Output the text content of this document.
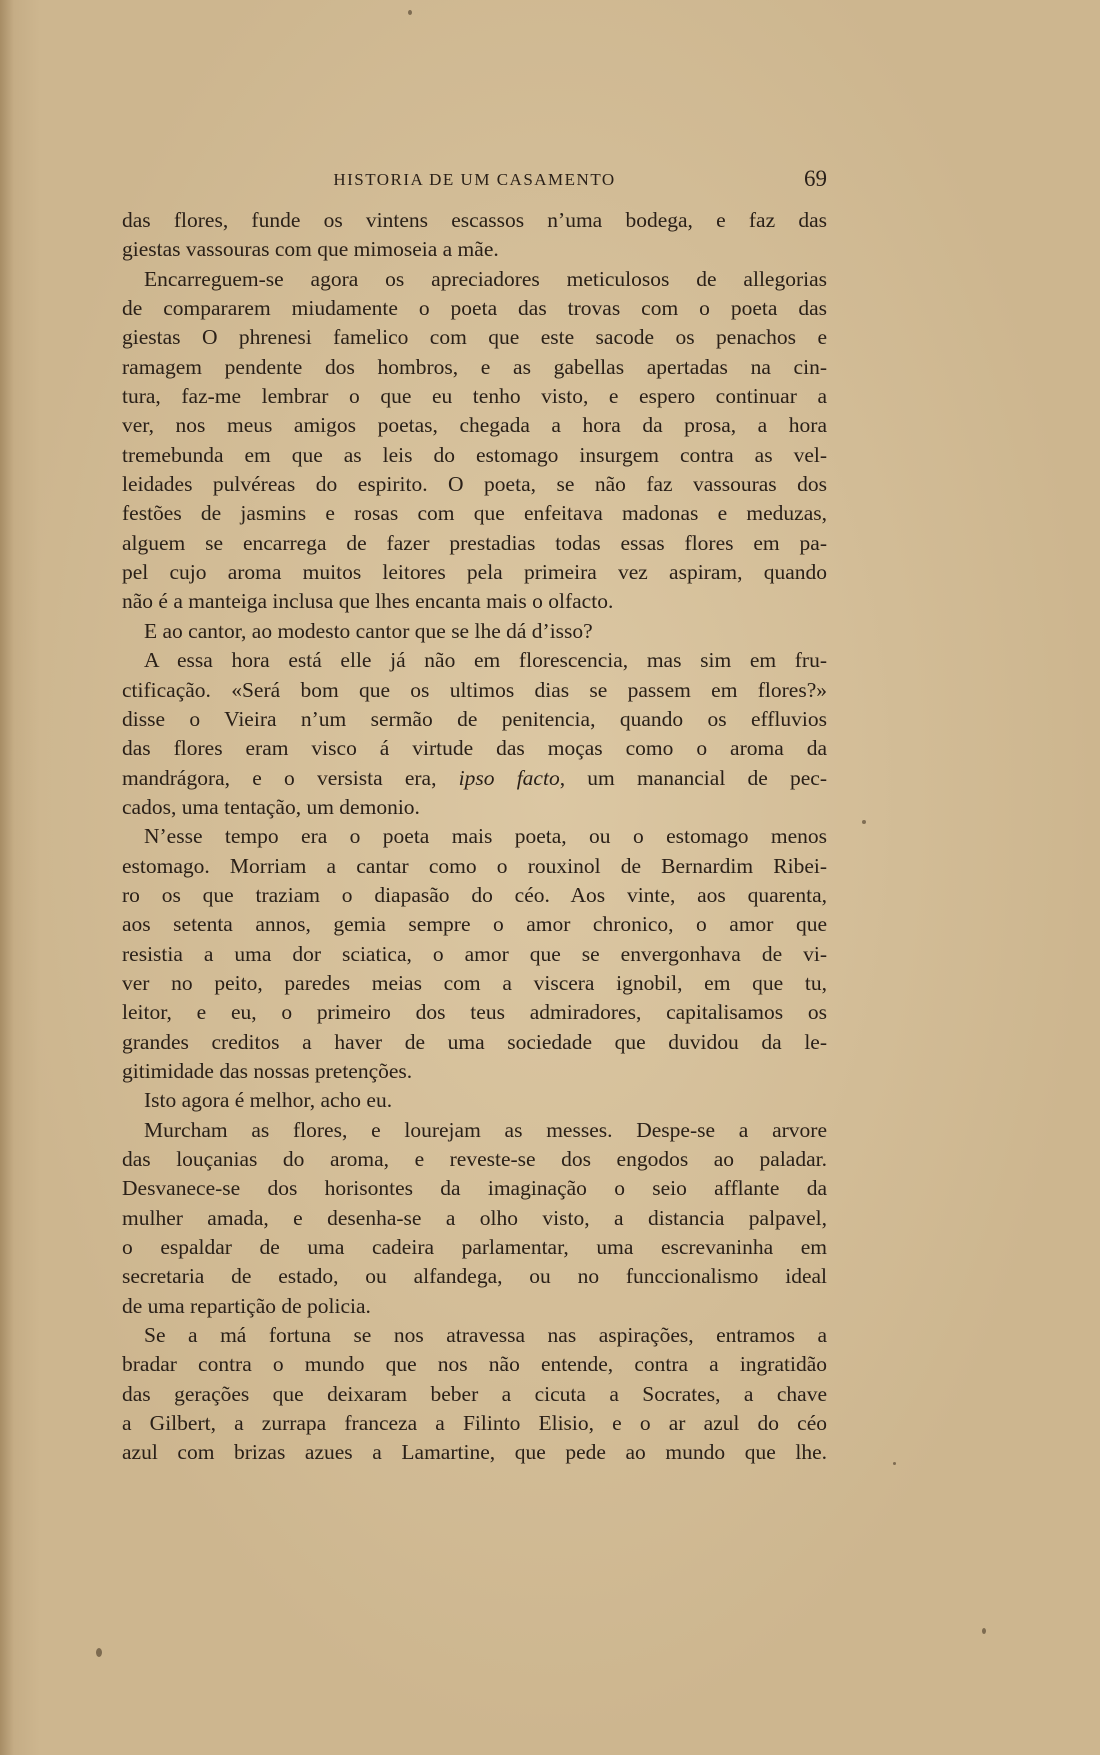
HISTORIA DE UM CASAMENTO	69
das flores, funde os vintens escassos n’uma bodega, e faz das
giestas vassouras com que mimoseia a mãe.
Encarreguem-se agora os apreciadores meticulosos de allegorias
de compararem miudamente o poeta das trovas com o poeta das
giestas O phrenesi famelico com que este sacode os penachos e
ramagem pendente dos hombros, e as gabellas apertadas na cin-
tura, faz-me lembrar o que eu tenho visto, e espero continuar a
ver, nos meus amigos poetas, chegada a hora da prosa, a hora
tremebunda em que as leis do estomago insurgem contra as vel-
leidades pulvéreas do espirito. O poeta, se não faz vassouras dos
festões de jasmins e rosas com que enfeitava madonas e meduzas,
alguem se encarrega de fazer prestadias todas essas flores em pa-
pel cujo aroma muitos leitores pela primeira vez aspiram, quando
não é a manteiga inclusa que lhes encanta mais o olfacto.
E ao cantor, ao modesto cantor que se lhe dá d’isso?
A essa hora está elle já não em florescencia, mas sim em fru-
ctificação. «Será bom que os ultimos dias se passem em flores?»
disse o Vieira n’um sermão de penitencia, quando os effluvios
das flores eram visco á virtude das moças como o aroma da
mandrágora, e o versista era, ipso facto, um manancial de pec-
cados, uma tentação, um demonio.
N’esse tempo era o poeta mais poeta, ou o estomago menos
estomago. Morriam a cantar como o rouxinol de Bernardim Ribei-
ro os que traziam o diapasão do céo. Aos vinte, aos quarenta,
aos setenta annos, gemia sempre o amor chronico, o amor que
resistia a uma dor sciatica, o amor que se envergonhava de vi-
ver no peito, paredes meias com a viscera ignobil, em que tu,
leitor, e eu, o primeiro dos teus admiradores, capitalisamos os
grandes creditos a haver de uma sociedade que duvidou da le-
gitimidade das nossas pretenções.
Isto agora é melhor, acho eu.
Murcham as flores, e lourejam as messes. Despe-se a arvore
das louçanias do aroma, e reveste-se dos engodos ao paladar.
Desvanece-se dos horisontes da imaginação o seio afflante da
mulher amada, e desenha-se a olho visto, a distancia palpavel,
o espaldar de uma cadeira parlamentar, uma escrevaninha em
secretaria de estado, ou alfandega, ou no funccionalismo ideal
de uma repartição de policia.
Se a má fortuna se nos atravessa nas aspirações, entramos a
bradar contra o mundo que nos não entende, contra a ingratidão
das gerações que deixaram beber a cicuta a Socrates, a chave
a Gilbert, a zurrapa franceza a Filinto Elisio, e o ar azul do céo
azul com brizas azues a Lamartine, que pede ao mundo que lhe.
